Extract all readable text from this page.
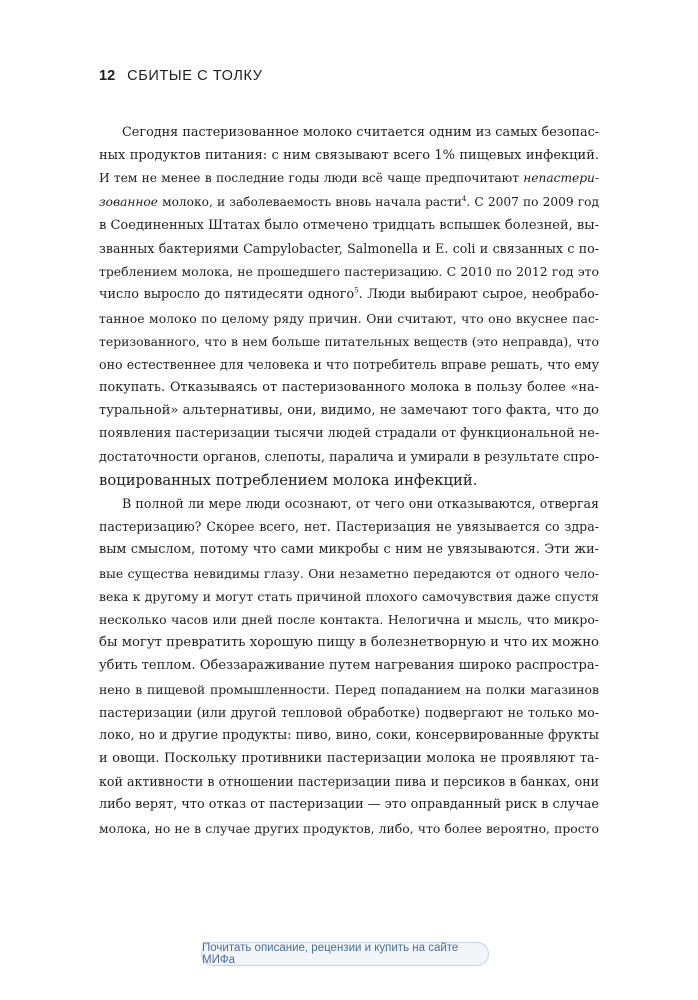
12 СБИТЫЕ С ТОЛКУ
Сегодня пастеризованное молоко считается одним из самых безопас-
ных продуктов питания: с ним связывают всего 1% пищевых инфекций.
И тем не менее в последние годы люди всё чаще предпочитают непастери-
зованное молоко, и заболеваемость вновь начала расти$^4$. С 2007 по 2009 год
в Соединенных Штатах было отмечено тридцать вспышек болезней, вы-
званных бактериями Campylobacter, Salmonella и E. coli и связанных с по-
треблением молока, не прошедшего пастеризацию. С 2010 по 2012 год это
число выросло до пятидесяти одного$^5$. Люди выбирают сырое, необрабо-
танное молоко по целому ряду причин. Они считают, что оно вкуснее пас-
теризованного, что в нем больше питательных веществ (это неправда), что
оно естественнее для человека и что потребитель вправе решать, что ему
покупать. Отказываясь от пастеризованного молока в пользу более «на-
туральной» альтернативы, они, видимо, не замечают того факта, что до
появления пастеризации тысячи людей страдали от функциональной не-
достаточности органов, слепоты, паралича и умирали в результате спро-
воцированных потреблением молока инфекций.
В полной ли мере люди осознают, от чего они отказываются, отвергая
пастеризацию? Скорее всего, нет. Пастеризация не увязывается со здра-
вым смыслом, потому что сами микробы с ним не увязываются. Эти жи-
вые существа невидимы глазу. Они незаметно передаются от одного чело-
века к другому и могут стать причиной плохого самочувствия даже спустя
несколько часов или дней после контакта. Нелогична и мысль, что микро-
бы могут превратить хорошую пищу в болезнетворную и что их можно
убить теплом. Обеззараживание путем нагревания широко распростра-
нено в пищевой промышленности. Перед попаданием на полки магазинов
пастеризации (или другой тепловой обработке) подвергают не только мо-
локо, но и другие продукты: пиво, вино, соки, консервированные фрукты
и овощи. Поскольку противники пастеризации молока не проявляют та-
кой активности в отношении пастеризации пива и персиков в банках, они
либо верят, что отказ от пастеризации — это оправданный риск в случае
молока, но не в случае других продуктов, либо, что более вероятно, просто
Почитать описание, рецензии и купить на сайте МИФа
